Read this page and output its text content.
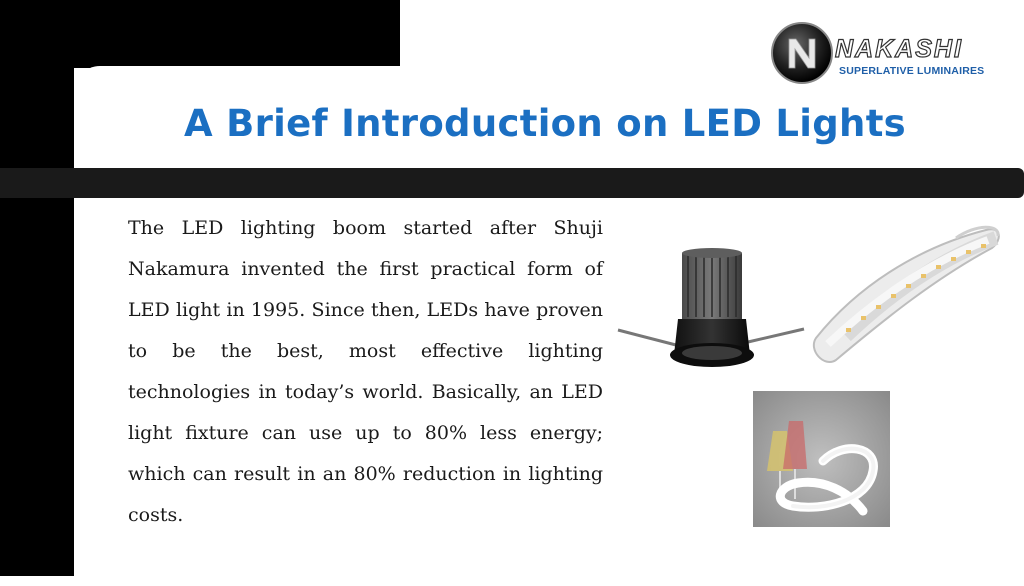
NAKASHI
SUPERLATIVE LUMINAIRES
A Brief Introduction on LED Lights
The LED lighting boom started after Shuji Nakamura invented the first practical form of LED light in 1995. Since then, LEDs have proven to be the best, most effective lighting technologies in today’s world. Basically, an LED light fixture can use up to 80% less energy; which can result in an 80% reduction in lighting costs.
